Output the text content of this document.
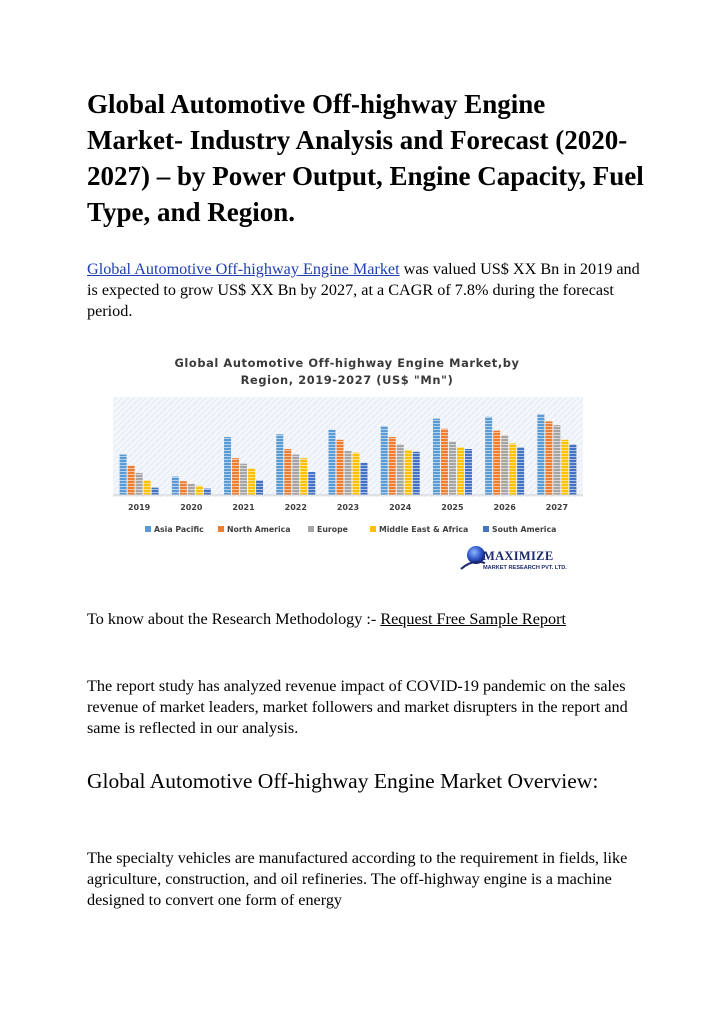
Global Automotive Off-highway Engine Market- Industry Analysis and Forecast (2020-2027) – by Power Output, Engine Capacity, Fuel Type, and Region.

Global Automotive Off-highway Engine Market was valued US$ XX Bn in 2019 and is expected to grow US$ XX Bn by 2027, at a CAGR of 7.8% during the forecast period.

Global Automotive Off-highway Engine Market,by
Region, 2019-2027 (US$ "Mn")
2019	2020	2021	2022	2023	2024	2025	2026	2027
Asia Pacific	North America	Europe	Middle East & Africa	South America
MAXIMIZE
MARKET RESEARCH PVT. LTD.

To know about the Research Methodology :- Request Free Sample Report

The report study has analyzed revenue impact of COVID-19 pandemic on the sales revenue of market leaders, market followers and market disrupters in the report and same is reflected in our analysis.

Global Automotive Off-highway Engine Market Overview:

The specialty vehicles are manufactured according to the requirement in fields, like agriculture, construction, and oil refineries. The off-highway engine is a machine designed to convert one form of energy
